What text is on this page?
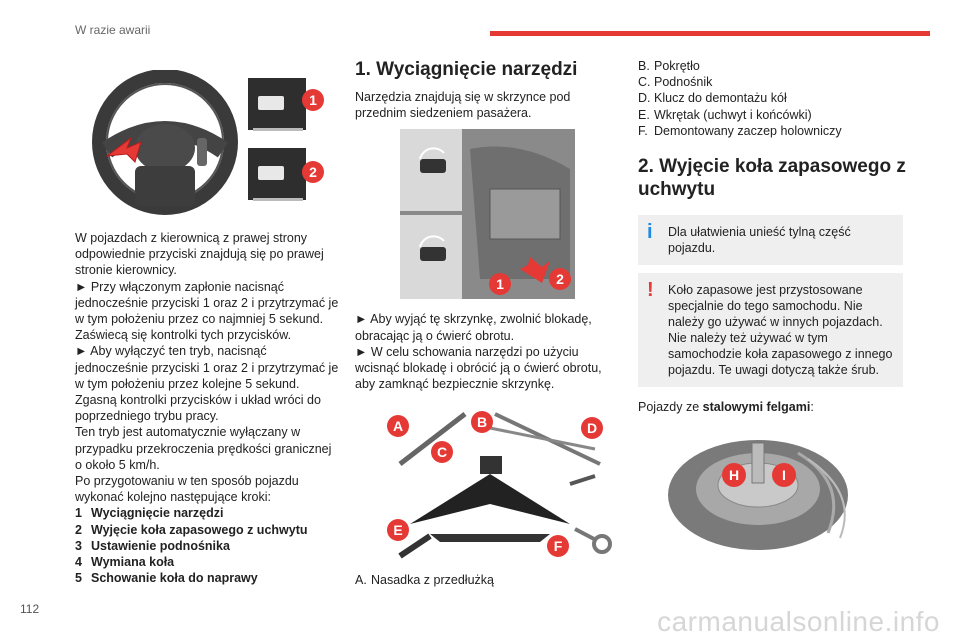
W razie awarii
1
2

W pojazdach z kierownicą z prawej strony odpowiednie przyciski znajdują się po prawej stronie kierownicy.

► Przy włączonym zapłonie nacisnąć jednocześnie przyciski 1 oraz 2 i przytrzymać je w tym położeniu przez co najmniej 5 sekund.

Zaświecą się kontrolki tych przycisków.

► Aby wyłączyć ten tryb, nacisnąć jednocześnie przyciski 1 oraz 2 i przytrzymać je w tym położeniu przez kolejne 5 sekund.

Zgasną kontrolki przycisków i układ wróci do poprzedniego trybu pracy.

Ten tryb jest automatycznie wyłączany w przypadku przekroczenia prędkości granicznej o około 5 km/h.

Po przygotowaniu w ten sposób pojazdu wykonać kolejno następujące kroki:

1 Wyciągnięcie narzędzi
2 Wyjęcie koła zapasowego z uchwytu
3 Ustawienie podnośnika
4 Wymiana koła
5 Schowanie koła do naprawy
1. Wyciągnięcie narzędzi

Narzędzia znajdują się w skrzynce pod przednim siedzeniem pasażera.

1	2

► Aby wyjąć tę skrzynkę, zwolnić blokadę, obracając ją o ćwierć obrotu.

► W celu schowania narzędzi po użyciu wcisnąć blokadę i obrócić ją o ćwierć obrotu, aby zamknąć bezpiecznie skrzynkę.

A	B
C
D
E
F
A. Nasadka z przedłużką
B. Pokrętło
C. Podnośnik
D. Klucz do demontażu kół
E. Wkrętak (uchwyt i końcówki)
F. Demontowany zaczep holowniczy
2. Wyjęcie koła zapasowego z uchwytu
i Dla ułatwienia unieść tylną część pojazdu.
! Koło zapasowe jest przystosowane specjalnie do tego samochodu. Nie należy go używać w innych pojazdach. Nie należy też używać w tym samochodzie koła zapasowego z innego pojazdu. Te uwagi dotyczą także śrub.

Pojazdy ze stalowymi felgami:

H	I
112	carmanualsonline.info
